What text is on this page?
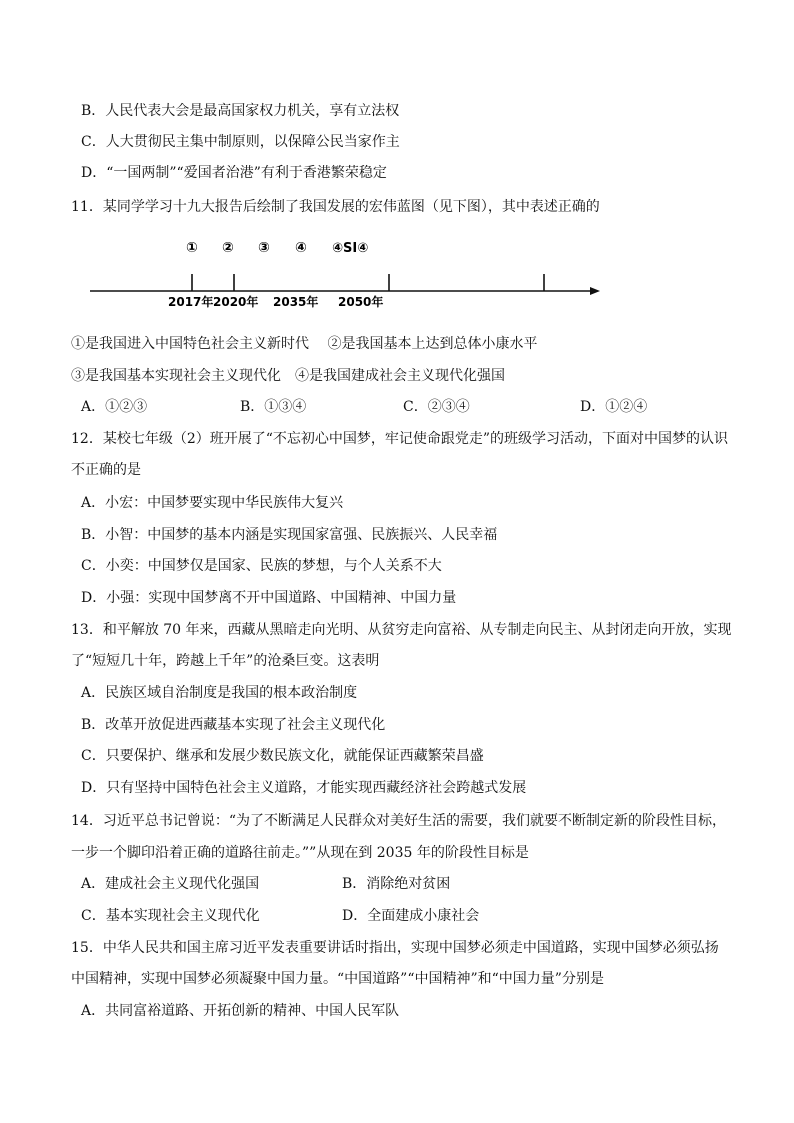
B．人民代表大会是最高国家权力机关，享有立法权
C．人大贯彻民主集中制原则，以保障公民当家作主
D．“一国两制”“爱国者治港”有利于香港繁荣稳定
11．某同学学习十九大报告后绘制了我国发展的宏伟蓝图（见下图），其中表述正确的
① ② ③ ④ ④SI④
2017年 2020年 2035年 2050年
①是我国进入中国特色社会主义新时代　 ②是我国基本上达到总体小康水平
③是我国基本实现社会主义现代化　④是我国建成社会主义现代化强国
A．①②③	B．①③④	C．②③④	D．①②④
12．某校七年级（2）班开展了“不忘初心中国梦，牢记使命跟党走”的班级学习活动，下面对中国梦的认识
不正确的是
A．小宏：中国梦要实现中华民族伟大复兴
B．小智：中国梦的基本内涵是实现国家富强、民族振兴、人民幸福
C．小奕：中国梦仅是国家、民族的梦想，与个人关系不大
D．小强：实现中国梦离不开中国道路、中国精神、中国力量
13．和平解放 70 年来，西藏从黑暗走向光明、从贫穷走向富裕、从专制走向民主、从封闭走向开放，实现
了“短短几十年，跨越上千年”的沧桑巨变。这表明
A．民族区域自治制度是我国的根本政治制度
B．改革开放促进西藏基本实现了社会主义现代化
C．只要保护、继承和发展少数民族文化，就能保证西藏繁荣昌盛
D．只有坚持中国特色社会主义道路，才能实现西藏经济社会跨越式发展
14．习近平总书记曾说：“为了不断满足人民群众对美好生活的需要，我们就要不断制定新的阶段性目标，
一步一个脚印沿着正确的道路往前走。””从现在到 2035 年的阶段性目标是
A．建成社会主义现代化强国	B．消除绝对贫困
C．基本实现社会主义现代化	D．全面建成小康社会
15．中华人民共和国主席习近平发表重要讲话时指出，实现中国梦必须走中国道路，实现中国梦必须弘扬
中国精神，实现中国梦必须凝聚中国力量。“中国道路”“中国精神”和“中国力量”分别是
A．共同富裕道路、开拓创新的精神、中国人民军队
